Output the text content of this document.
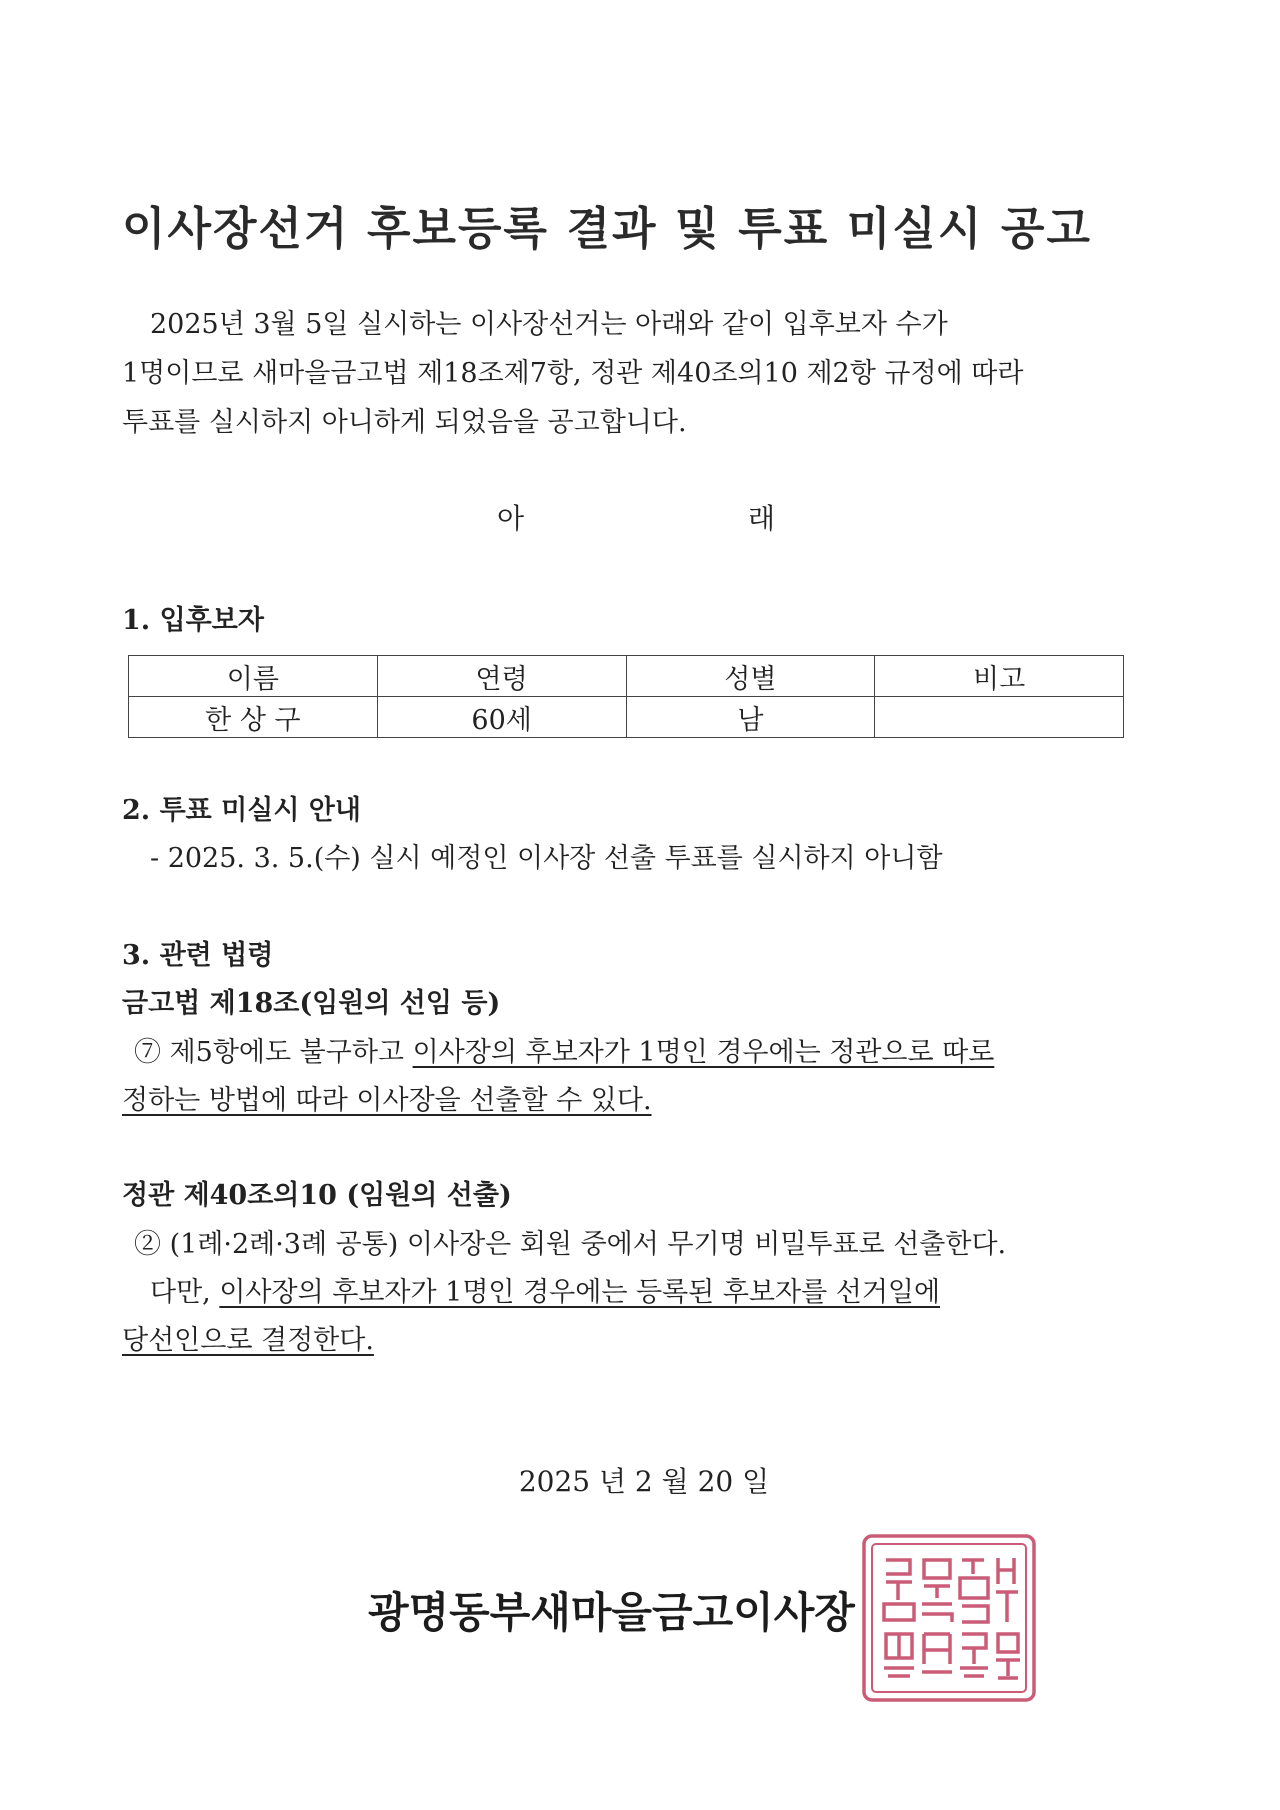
이사장선거 후보등록 결과 및 투표 미실시 공고

2025년 3월 5일 실시하는 이사장선거는 아래와 같이 입후보자 수가

1명이므로 새마을금고법 제18조제7항, 정관 제40조의10 제2항 규정에 따라

투표를 실시하지 아니하게 되었음을 공고합니다.

아	래
1. 입후보자
이름	연령	성별	비고
한 상 구	60세	남	
2. 투표 미실시 안내
- 2025. 3. 5.(수) 실시 예정인 이사장 선출 투표를 실시하지 아니함
3. 관련 법령
금고법 제18조(임원의 선임 등)
⑦ 제5항에도 불구하고 이사장의 후보자가 1명인 경우에는 정관으로 따로
정하는 방법에 따라 이사장을 선출할 수 있다.
정관 제40조의10 (임원의 선출)
② (1례·2례·3례 공통) 이사장은 회원 중에서 무기명 비밀투표로 선출한다.
다만, 이사장의 후보자가 1명인 경우에는 등록된 후보자를 선거일에
당선인으로 결정한다.
2025 년 2 월 20 일
광명동부새마을금고이사장
